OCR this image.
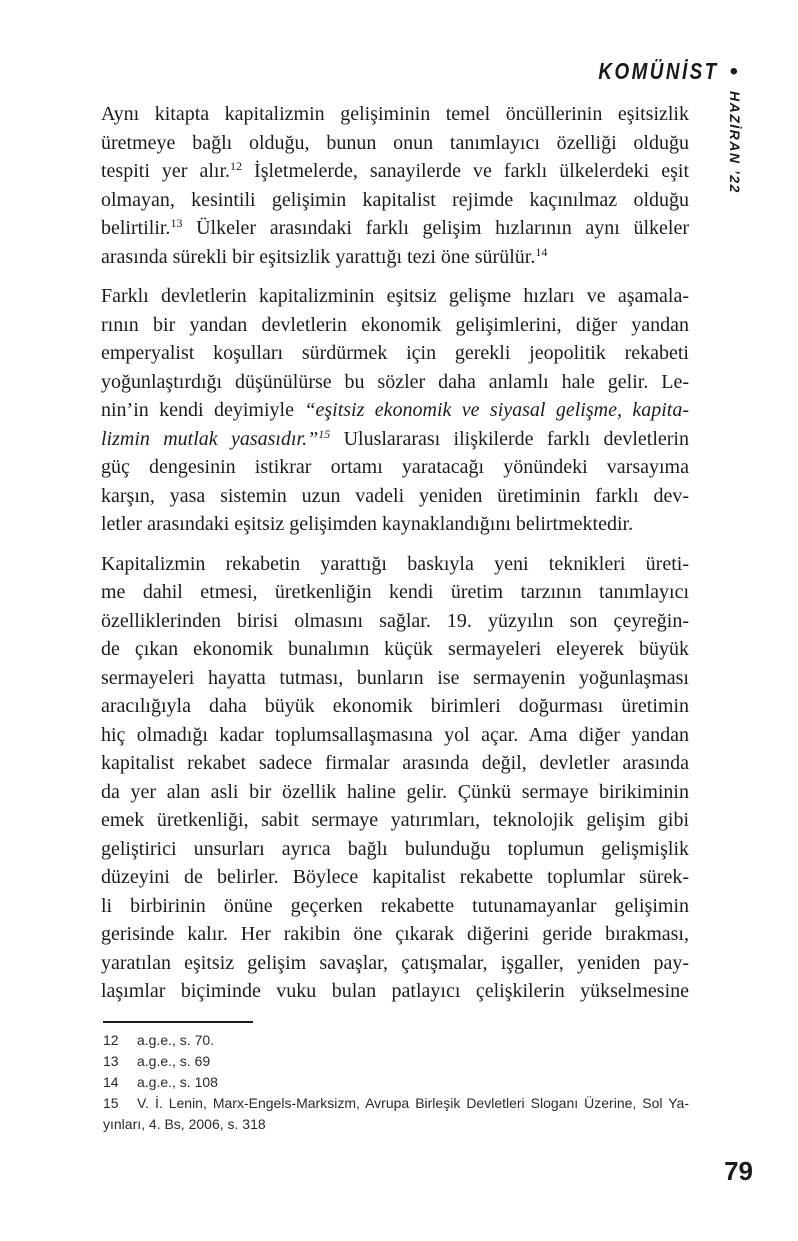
KOMÜNİST •
HAZİRAN ’22
Aynı kitapta kapitalizmin gelişiminin temel öncüllerinin eşitsizlik
üretmeye bağlı olduğu, bunun onun tanımlayıcı özelliği olduğu
tespiti yer alır.$^{12}$ İşletmelerde, sanayilerde ve farklı ülkelerdeki eşit
olmayan, kesintili gelişimin kapitalist rejimde kaçınılmaz olduğu
belirtilir.$^{13}$ Ülkeler arasındaki farklı gelişim hızlarının aynı ülkeler
arasında sürekli bir eşitsizlik yarattığı tezi öne sürülür.$^{14}$
Farklı devletlerin kapitalizminin eşitsiz gelişme hızları ve aşamala-
rının bir yandan devletlerin ekonomik gelişimlerini, diğer yandan
emperyalist koşulları sürdürmek için gerekli jeopolitik rekabeti
yoğunlaştırdığı düşünülürse bu sözler daha anlamlı hale gelir. Le-
nin’in kendi deyimiyle “eşitsiz ekonomik ve siyasal gelişme, kapita-
lizmin mutlak yasasıdır.”$^{15}$ Uluslararası ilişkilerde farklı devletlerin
güç dengesinin istikrar ortamı yaratacağı yönündeki varsayıma
karşın, yasa sistemin uzun vadeli yeniden üretiminin farklı dev-
letler arasındaki eşitsiz gelişimden kaynaklandığını belirtmektedir.
Kapitalizmin rekabetin yarattığı baskıyla yeni teknikleri üreti-
me dahil etmesi, üretkenliğin kendi üretim tarzının tanımlayıcı
özelliklerinden birisi olmasını sağlar. 19. yüzyılın son çeyreğin-
de çıkan ekonomik bunalımın küçük sermayeleri eleyerek büyük
sermayeleri hayatta tutması, bunların ise sermayenin yoğunlaşması
aracılığıyla daha büyük ekonomik birimleri doğurması üretimin
hiç olmadığı kadar toplumsallaşmasına yol açar. Ama diğer yandan
kapitalist rekabet sadece firmalar arasında değil, devletler arasında
da yer alan asli bir özellik haline gelir. Çünkü sermaye birikiminin
emek üretkenliği, sabit sermaye yatırımları, teknolojik gelişim gibi
geliştirici unsurları ayrıca bağlı bulunduğu toplumun gelişmişlik
düzeyini de belirler. Böylece kapitalist rekabette toplumlar sürek-
li birbirinin önüne geçerken rekabette tutunamayanlar gelişimin
gerisinde kalır. Her rakibin öne çıkarak diğerini geride bırakması,
yaratılan eşitsiz gelişim savaşlar, çatışmalar, işgaller, yeniden pay-
laşımlar biçiminde vuku bulan patlayıcı çelişkilerin yükselmesine
12 a.g.e., s. 70.
13 a.g.e., s. 69
14 a.g.e., s. 108
15 V. İ. Lenin, Marx-Engels-Marksizm, Avrupa Birleşik Devletleri Sloganı Üzerine, Sol Ya-
yınları, 4. Bs, 2006, s. 318
79
